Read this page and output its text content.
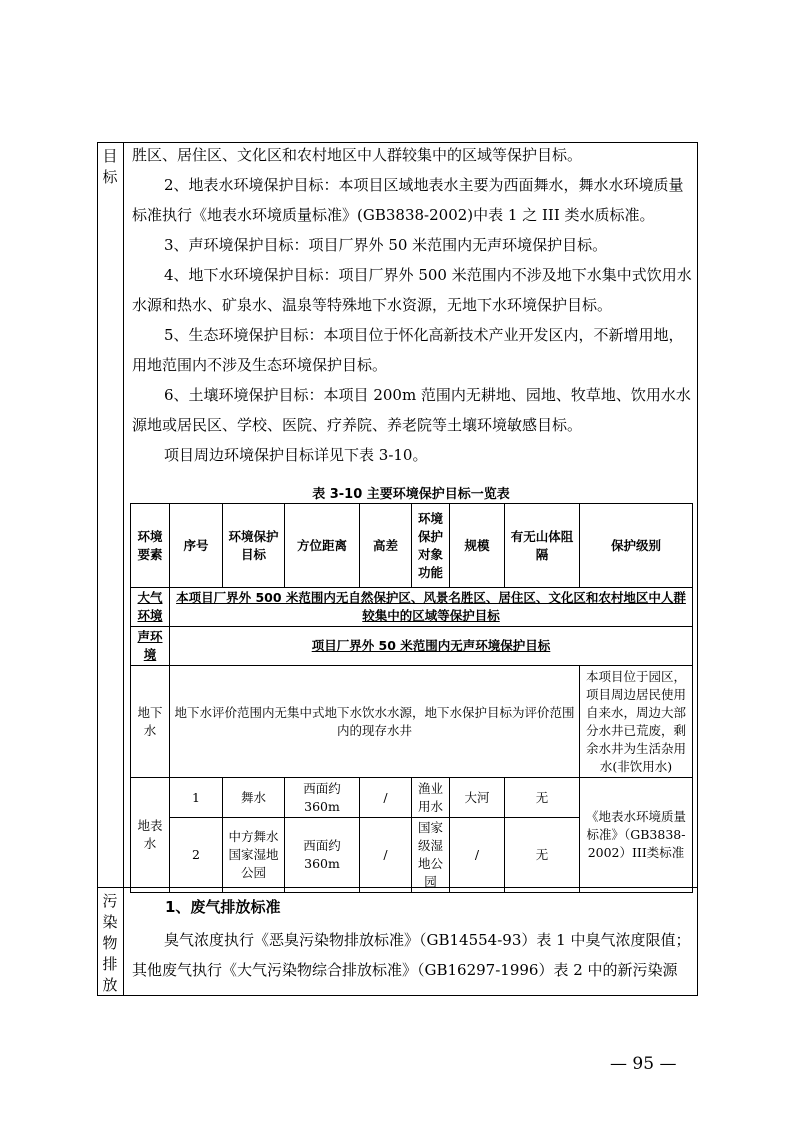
目标
污染物排放

胜区、居住区、文化区和农村地区中人群较集中的区域等保护目标。

2、地表水环境保护目标：本项目区域地表水主要为西面舞水，舞水水环境质量标准执行《地表水环境质量标准》(GB3838-2002)中表 1 之 III 类水质标准。

3、声环境保护目标：项目厂界外 50 米范围内无声环境保护目标。

4、地下水环境保护目标：项目厂界外 500 米范围内不涉及地下水集中式饮用水水源和热水、矿泉水、温泉等特殊地下水资源，无地下水环境保护目标。

5、生态环境保护目标：本项目位于怀化高新技术产业开发区内，不新增用地，用地范围内不涉及生态环境保护目标。

6、土壤环境保护目标：本项目 200m 范围内无耕地、园地、牧草地、饮用水水源地或居民区、学校、医院、疗养院、养老院等土壤环境敏感目标。

项目周边环境保护目标详见下表 3-10。

表 3-10 主要环境保护目标一览表
环境要素	序号	环境保护目标	方位距离	高差	环境保护对象功能	规模	有无山体阻隔	保护级别
大气环境	本项目厂界外 500 米范围内无自然保护区、风景名胜区、居住区、文化区和农村地区中人群较集中的区域等保护目标							
声环境	项目厂界外 50 米范围内无声环境保护目标							
地下水	地下水评价范围内无集中式地下水饮水水源，地下水保护目标为评价范围内的现存水井							本项目位于园区，项目周边居民使用自来水，周边大部分水井已荒废，剩余水井为生活杂用水(非饮用水)
地表水	1	舞水	西面约360m	/	渔业用水	大河	无	《地表水环境质量标准》（GB3838-2002）III类标准
	2	中方舞水国家湿地公园	西面约360m	/	国家级湿地公园	/	无	
1、废气排放标准

臭气浓度执行《恶臭污染物排放标准》（GB14554-93）表 1 中臭气浓度限值；其他废气执行《大气污染物综合排放标准》（GB16297-1996）表 2 中的新污染源

— 95 —
